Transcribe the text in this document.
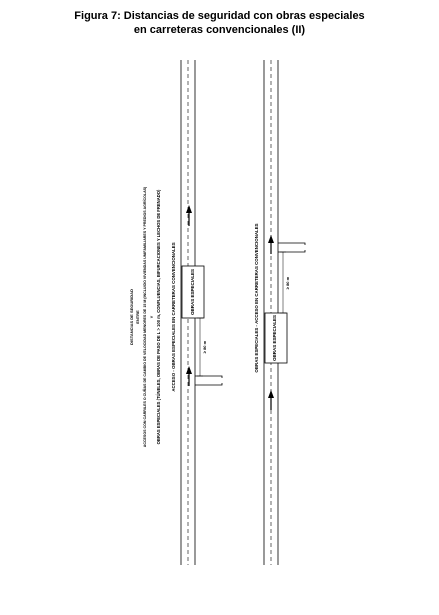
Figura 7: Distancias de seguridad con obras especiales
en carreteras convencionales (II)
OBRAS ESPECIALES
≥ 80 m
DISTANCIAS DE SEGURIDAD ENTRE ACCESOS CON CARRILES O CUÑAS DE CAMBIO DE VELOCIDAD MENORES DE 15 M (INCLUIDO VIVIENDAS UNIFAMILIARES Y PREDIOS AGRÍCOLAS) Y OBRAS ESPECIALES (TÚNELES, OBRAS DE PASO DE L > 100 m, CONFLUENCIAS, BIFURCACIONES Y LECHOS DE FRENADO) ACCESO - OBRAS ESPECIALES EN CARRETERAS CONVENCIONALES	OBRAS ESPECIALES
≥ 80 m
OBRAS ESPECIALES - ACCESO EN CARRETERAS CONVENCIONALES
